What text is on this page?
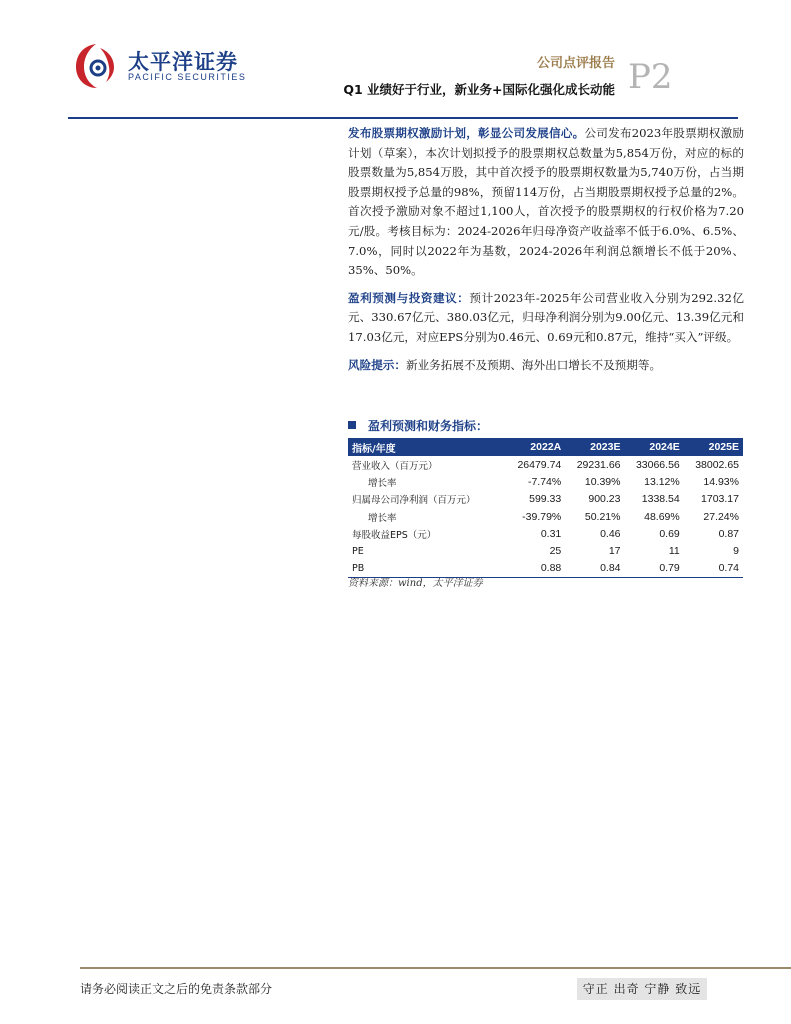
太平洋证券
PACIFIC SECURITIES
公司点评报告 P2
Q1 业绩好于行业，新业务+国际化强化成长动能

发布股票期权激励计划，彰显公司发展信心。公司发布2023年股票期权激励计划（草案），本次计划拟授予的股票期权总数量为5,854万份，对应的标的股票数量为5,854万股，其中首次授予的股票期权数量为5,740万份，占当期股票期权授予总量的98%，预留114万份，占当期股票期权授予总量的2%。首次授予激励对象不超过1,100人，首次授予的股票期权的行权价格为7.20元/股。考核目标为：2024-2026年归母净资产收益率不低于6.0%、6.5%、7.0%，同时以2022年为基数，2024-2026年利润总额增长不低于20%、35%、50%。

盈利预测与投资建议：预计2023年-2025年公司营业收入分别为292.32亿元、330.67亿元、380.03亿元，归母净利润分别为9.00亿元、13.39亿元和17.03亿元，对应EPS分别为0.46元、0.69元和0.87元，维持“买入”评级。

风险提示：新业务拓展不及预期、海外出口增长不及预期等。

盈利预测和财务指标：
指标/年度	2022A	2023E	2024E	2025E
营业收入（百万元）	26479.74	29231.66	33066.56	38002.65
增长率	-7.74%	10.39%	13.12%	14.93%
归属母公司净利润（百万元）	599.33	900.23	1338.54	1703.17
增长率	-39.79%	50.21%	48.69%	27.24%
每股收益EPS（元）	0.31	0.46	0.69	0.87
PE	25	17	11	9
PB	0.88	0.84	0.79	0.74
资料来源：wind，太平洋证券
请务必阅读正文之后的免责条款部分	守正 出奇 宁静 致远
